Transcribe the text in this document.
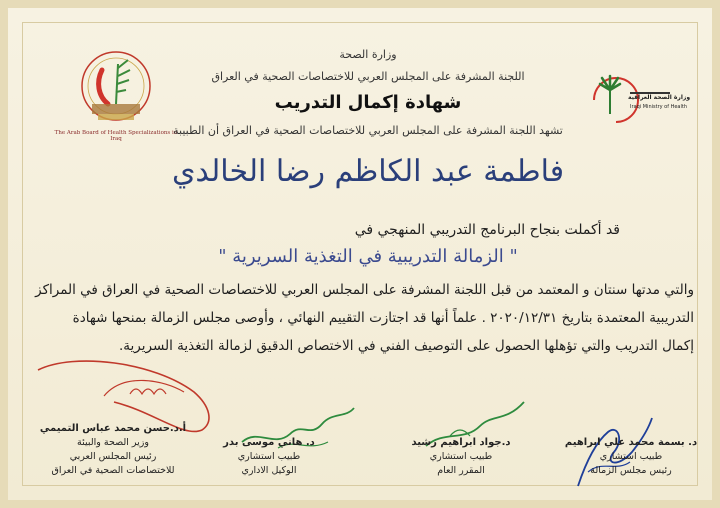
The Arab Board of Health Specializations in Iraq
وزارة الصحة العراقية
Iraqi Ministry of Health
وزارة الصحة
اللجنة المشرفة على المجلس العربي للاختصاصات الصحية في العراق
شهادة إكمال التدريب
تشهد اللجنة المشرفة على المجلس العربي للاختصاصات الصحية في العراق أن الطبيبة
فاطمة عبد الكاظم رضا الخالدي
قد أكملت بنجاح البرنامج التدريبي المنهجي في
" الزمالة التدريبية في التغذية السريرية "
والتي مدتها سنتان و المعتمد من قبل اللجنة المشرفة على المجلس العربي للاختصاصات الصحية في العراق في المراكز
التدريبية المعتمدة بتاريخ ٢٠٢٠/١٢/٣١ . علماً أنها قد اجتازت التقييم النهائي ، وأوصى مجلس الزمالة بمنحها شهادة
إكمال التدريب والتي تؤهلها الحصول على التوصيف الفني في الاختصاص الدقيق لزمالة التغذية السريرية.
أ.د.حسن محمد عباس التميمي
وزير الصحة والبيئة
رئيس المجلس العربي
للاختصاصات الصحية في العراق
د. هاني موسى بدر
طبيب استشاري
الوكيل الاداري
د.جواد ابراهيم رشيد
طبيب استشاري
المقرر العام
د. بسمة محمد علي ابراهيم
طبيب استشاري
رئيس مجلس الزمالة
